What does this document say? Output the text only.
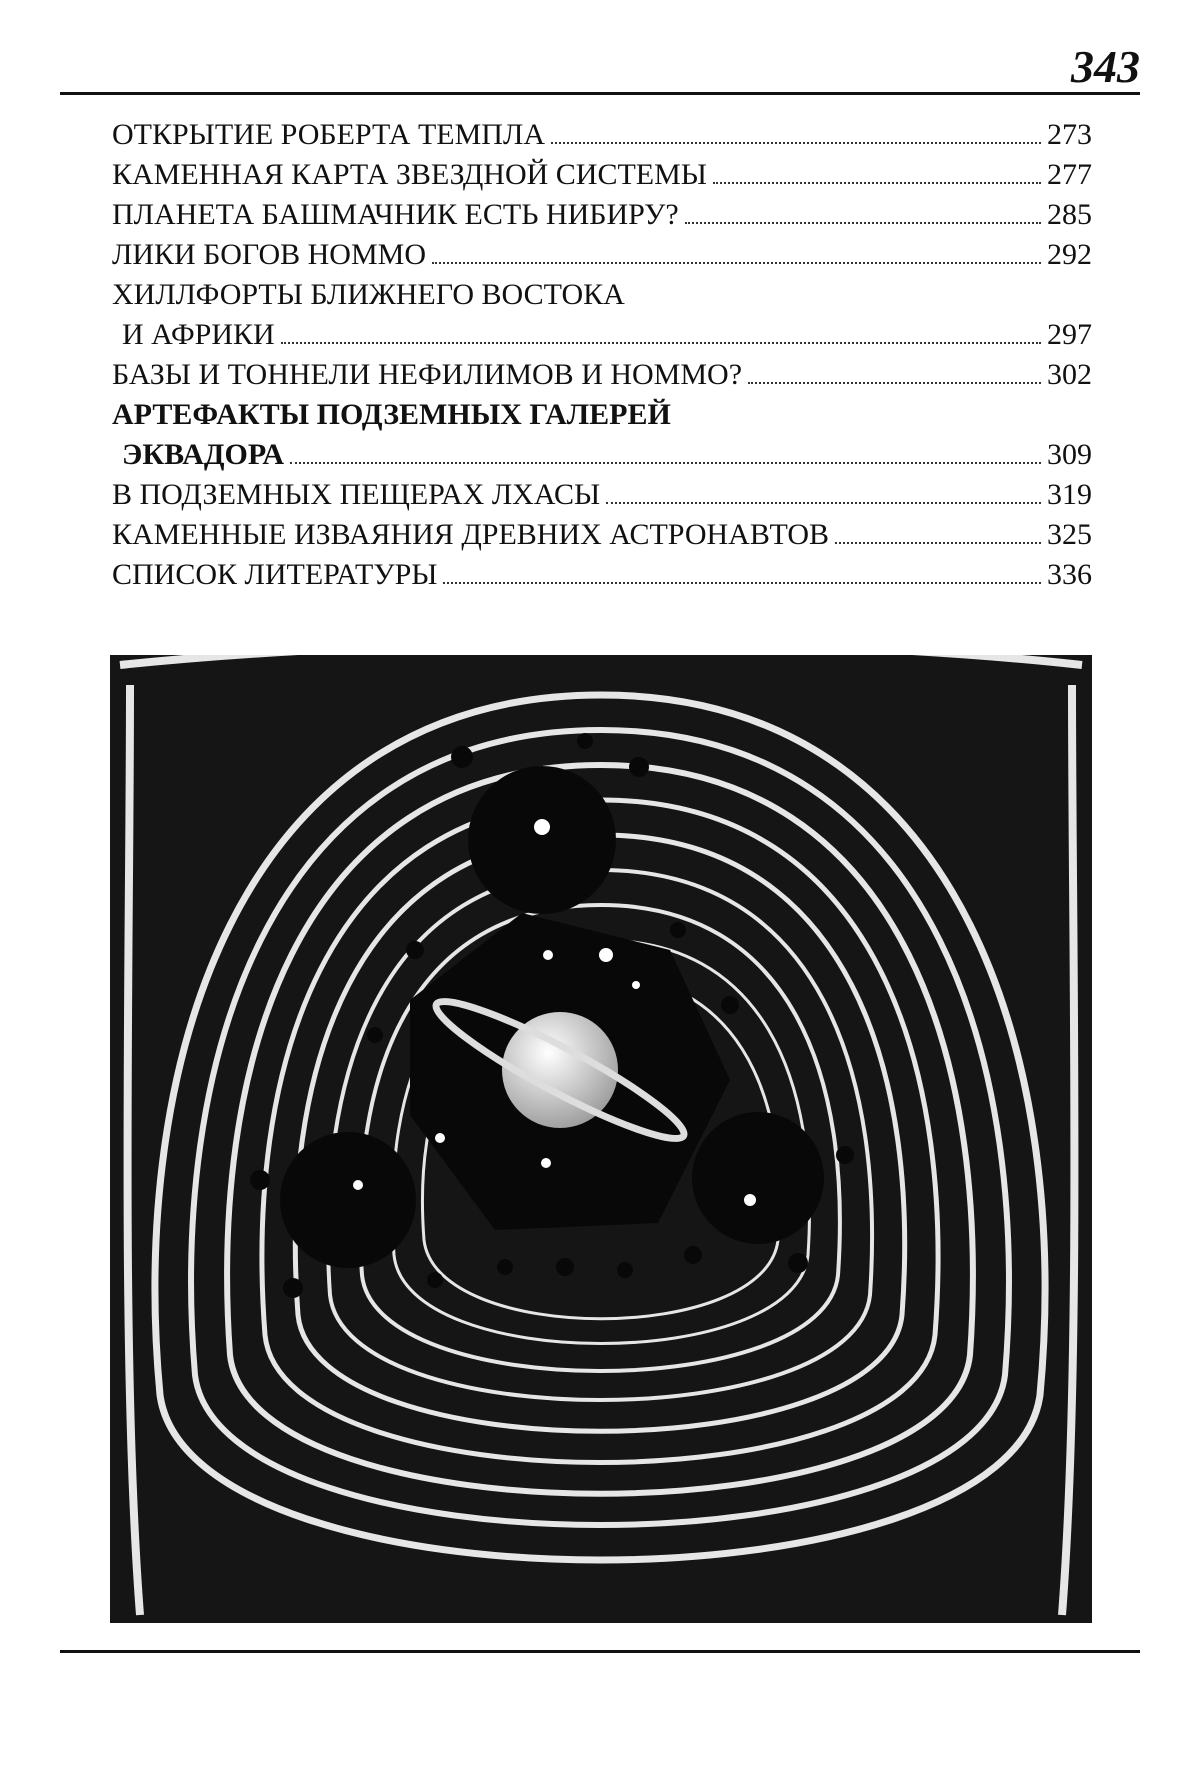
343
ОТКРЫТИЕ РОБЕРТА ТЕМПЛА	273
КАМЕННАЯ КАРТА ЗВЕЗДНОЙ СИСТЕМЫ	277
ПЛАНЕТА БАШМАЧНИК ЕСТЬ НИБИРУ?	285
ЛИКИ БОГОВ НОММО	292
ХИЛЛФОРТЫ БЛИЖНЕГО ВОСТОКА
И АФРИКИ	297
БАЗЫ И ТОННЕЛИ НЕФИЛИМОВ И НОММО?	302
АРТЕФАКТЫ ПОДЗЕМНЫХ ГАЛЕРЕЙ
ЭКВАДОРА	309
В ПОДЗЕМНЫХ ПЕЩЕРАХ ЛХАСЫ	319
КАМЕННЫЕ ИЗВАЯНИЯ ДРЕВНИХ АСТРОНАВТОВ	325
СПИСОК ЛИТЕРАТУРЫ	336
